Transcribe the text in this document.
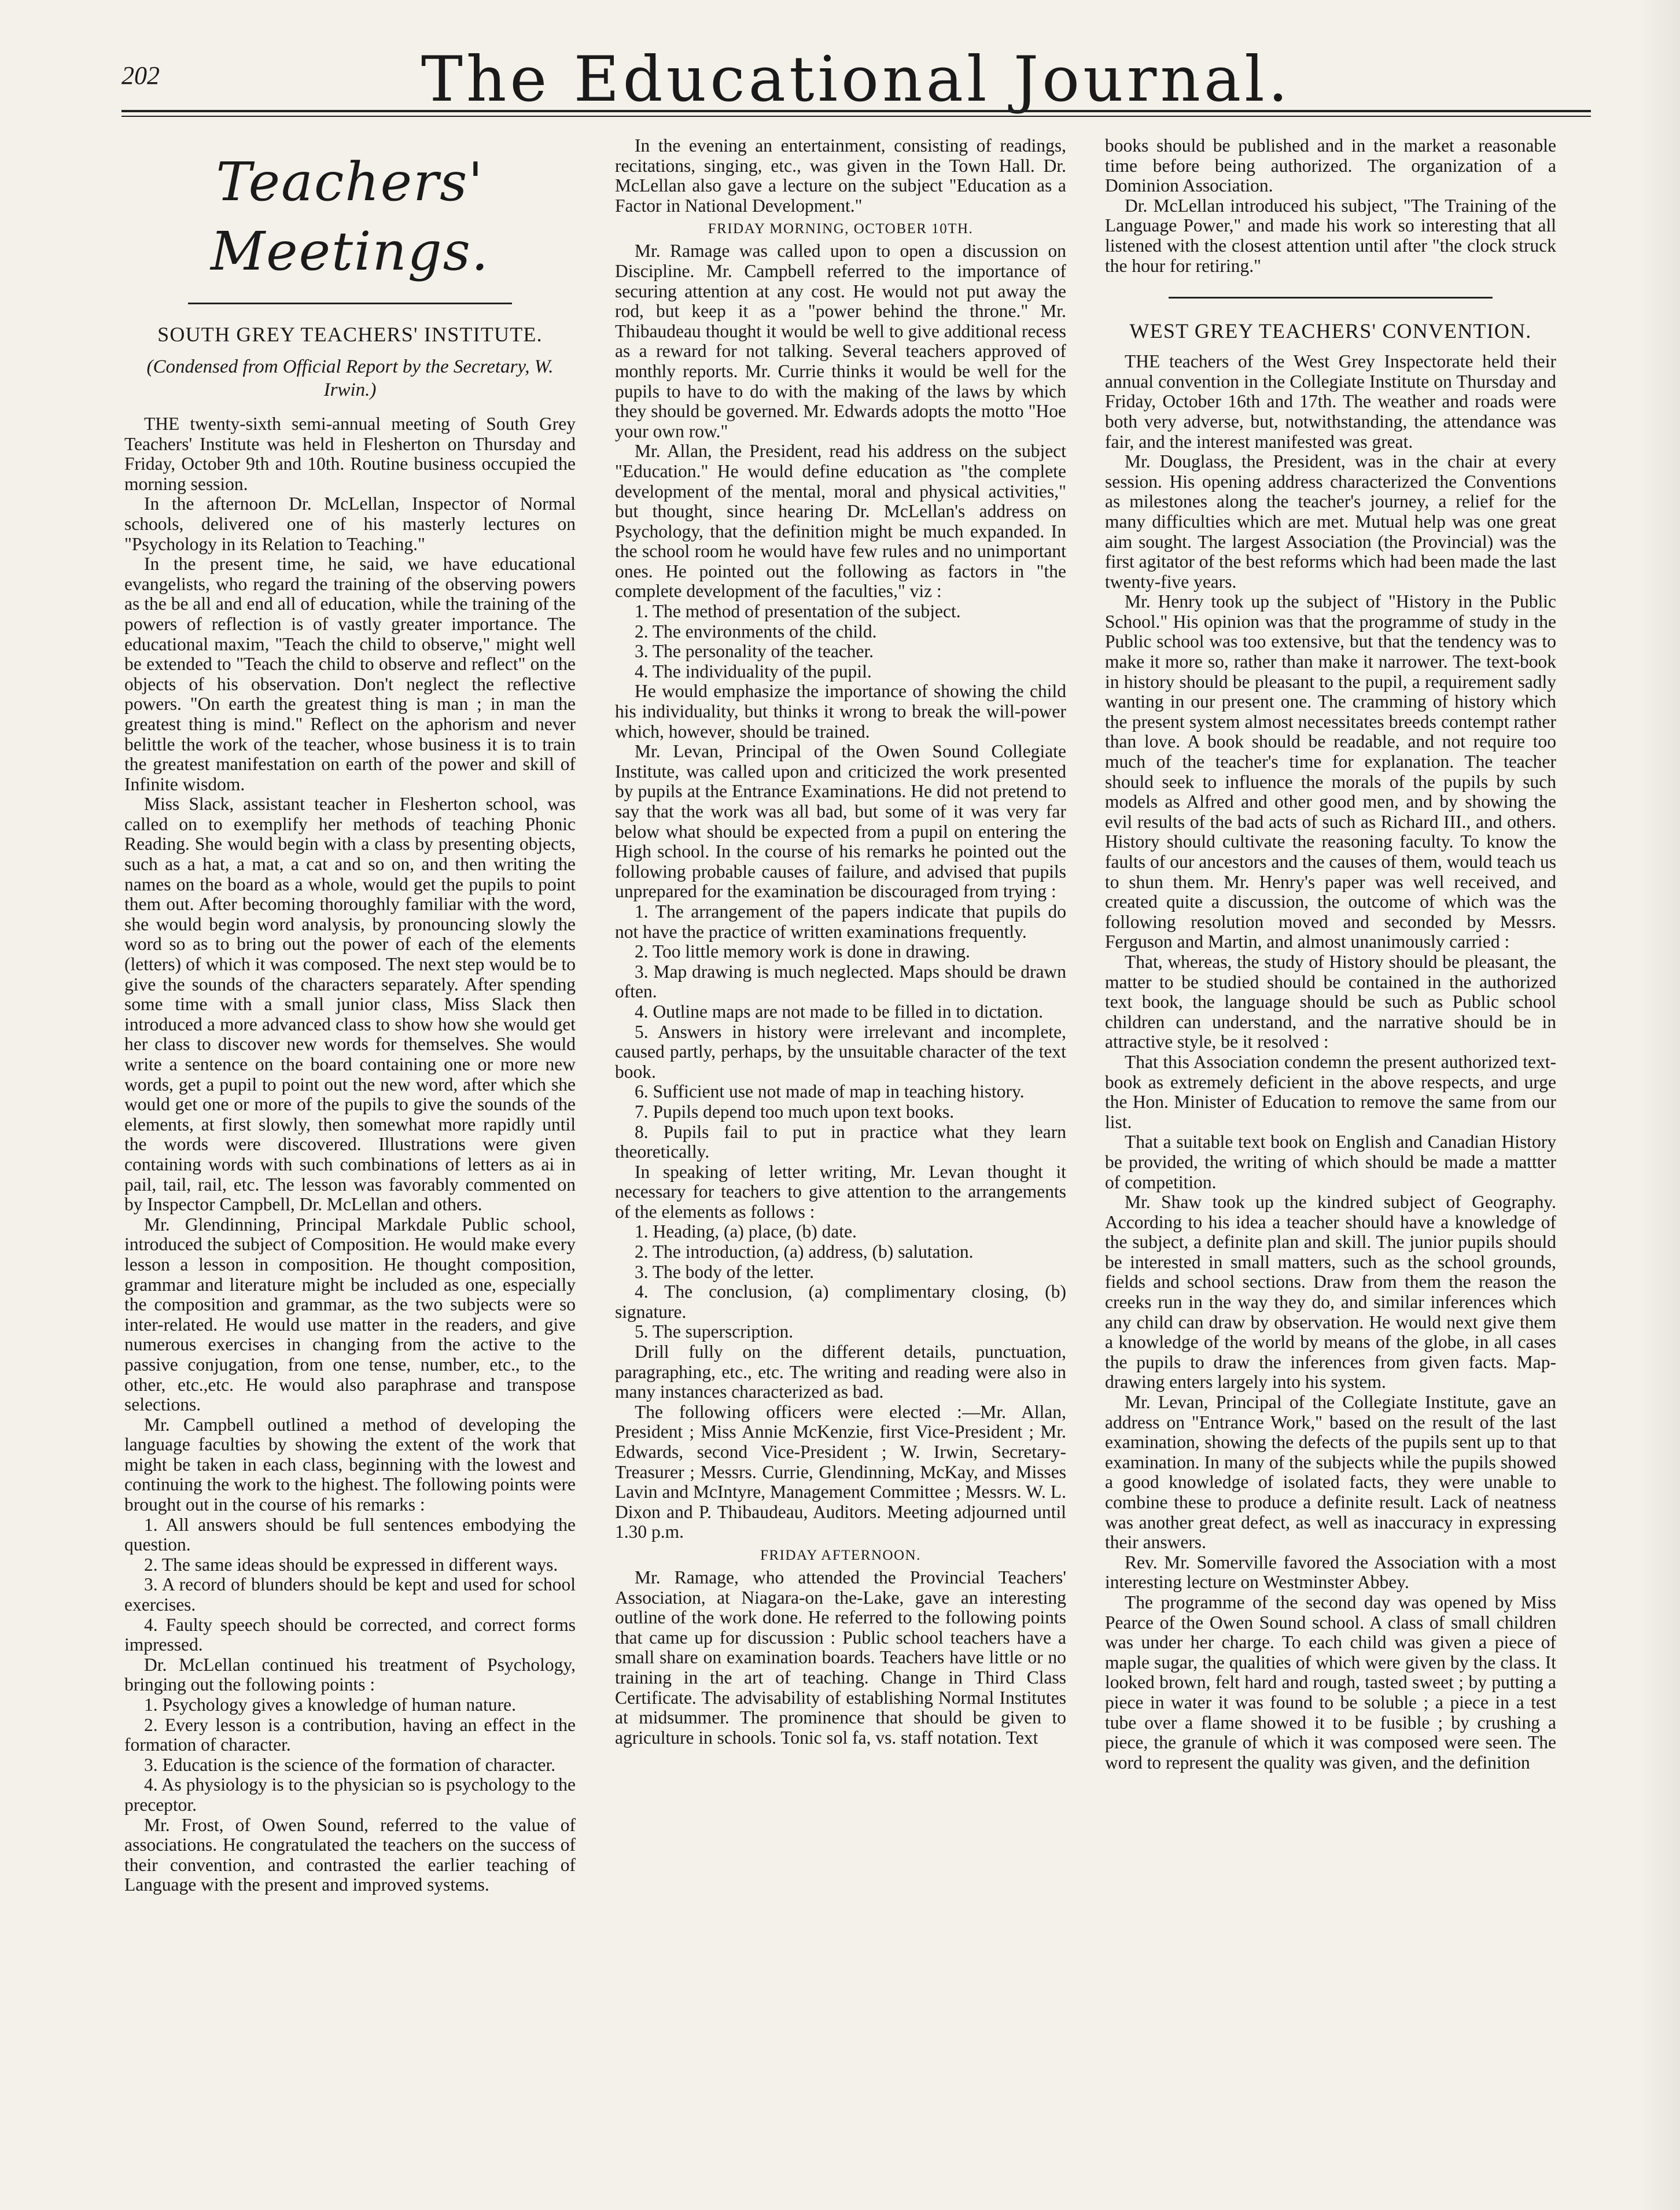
202	The Educational Journal.
Teachers' Meetings.
SOUTH GREY TEACHERS' INSTITUTE.
(Condensed from Official Report by the Secretary, W. Irwin.)

THE twenty-sixth semi-annual meeting of South Grey Teachers' Institute was held in Flesherton on Thursday and Friday, October 9th and 10th. Routine business occupied the morning session.

In the afternoon Dr. McLellan, Inspector of Normal schools, delivered one of his masterly lectures on "Psychology in its Relation to Teaching."

In the present time, he said, we have educational evangelists, who regard the training of the observing powers as the be all and end all of education, while the training of the powers of reflection is of vastly greater importance. The educational maxim, "Teach the child to observe," might well be extended to "Teach the child to observe and reflect" on the objects of his observation. Don't neglect the reflective powers. "On earth the greatest thing is man ; in man the greatest thing is mind." Reflect on the aphorism and never belittle the work of the teacher, whose business it is to train the greatest manifestation on earth of the power and skill of Infinite wisdom.

Miss Slack, assistant teacher in Flesherton school, was called on to exemplify her methods of teaching Phonic Reading. She would begin with a class by presenting objects, such as a hat, a mat, a cat and so on, and then writing the names on the board as a whole, would get the pupils to point them out. After becoming thoroughly familiar with the word, she would begin word analysis, by pronouncing slowly the word so as to bring out the power of each of the elements (letters) of which it was composed. The next step would be to give the sounds of the characters separately. After spending some time with a small junior class, Miss Slack then introduced a more advanced class to show how she would get her class to discover new words for themselves. She would write a sentence on the board containing one or more new words, get a pupil to point out the new word, after which she would get one or more of the pupils to give the sounds of the elements, at first slowly, then somewhat more rapidly until the words were discovered. Illustrations were given containing words with such combinations of letters as ai in pail, tail, rail, etc. The lesson was favorably commented on by Inspector Campbell, Dr. McLellan and others.

Mr. Glendinning, Principal Markdale Public school, introduced the subject of Composition. He would make every lesson a lesson in composition. He thought composition, grammar and literature might be included as one, especially the composition and grammar, as the two subjects were so inter-related. He would use matter in the readers, and give numerous exercises in changing from the active to the passive conjugation, from one tense, number, etc., to the other, etc.,etc. He would also paraphrase and transpose selections.

Mr. Campbell outlined a method of developing the language faculties by showing the extent of the work that might be taken in each class, beginning with the lowest and continuing the work to the highest. The following points were brought out in the course of his remarks :

1. All answers should be full sentences embodying the question.

2. The same ideas should be expressed in different ways.

3. A record of blunders should be kept and used for school exercises.

4. Faulty speech should be corrected, and correct forms impressed.

Dr. McLellan continued his treatment of Psychology, bringing out the following points :

1. Psychology gives a knowledge of human nature.

2. Every lesson is a contribution, having an effect in the formation of character.

3. Education is the science of the formation of character.

4. As physiology is to the physician so is psychology to the preceptor.

Mr. Frost, of Owen Sound, referred to the value of associations. He congratulated the teachers on the success of their convention, and contrasted the earlier teaching of Language with the present and improved systems.

In the evening an entertainment, consisting of readings, recitations, singing, etc., was given in the Town Hall. Dr. McLellan also gave a lecture on the subject "Education as a Factor in National Development."

FRIDAY MORNING, OCTOBER 10TH.

Mr. Ramage was called upon to open a discussion on Discipline. Mr. Campbell referred to the importance of securing attention at any cost. He would not put away the rod, but keep it as a "power behind the throne." Mr. Thibaudeau thought it would be well to give additional recess as a reward for not talking. Several teachers approved of monthly reports. Mr. Currie thinks it would be well for the pupils to have to do with the making of the laws by which they should be governed. Mr. Edwards adopts the motto "Hoe your own row."

Mr. Allan, the President, read his address on the subject "Education." He would define education as "the complete development of the mental, moral and physical activities," but thought, since hearing Dr. McLellan's address on Psychology, that the definition might be much expanded. In the school room he would have few rules and no unimportant ones. He pointed out the following as factors in "the complete development of the faculties," viz :

1. The method of presentation of the subject.

2. The environments of the child.

3. The personality of the teacher.

4. The individuality of the pupil.

He would emphasize the importance of showing the child his individuality, but thinks it wrong to break the will-power which, however, should be trained.

Mr. Levan, Principal of the Owen Sound Collegiate Institute, was called upon and criticized the work presented by pupils at the Entrance Examinations. He did not pretend to say that the work was all bad, but some of it was very far below what should be expected from a pupil on entering the High school. In the course of his remarks he pointed out the following probable causes of failure, and advised that pupils unprepared for the examination be discouraged from trying :

1. The arrangement of the papers indicate that pupils do not have the practice of written examinations frequently.

2. Too little memory work is done in drawing.

3. Map drawing is much neglected. Maps should be drawn often.

4. Outline maps are not made to be filled in to dictation.

5. Answers in history were irrelevant and incomplete, caused partly, perhaps, by the unsuitable character of the text book.

6. Sufficient use not made of map in teaching history.

7. Pupils depend too much upon text books.

8. Pupils fail to put in practice what they learn theoretically.

In speaking of letter writing, Mr. Levan thought it necessary for teachers to give attention to the arrangements of the elements as follows :

1. Heading, (a) place, (b) date.

2. The introduction, (a) address, (b) salutation.

3. The body of the letter.

4. The conclusion, (a) complimentary closing, (b) signature.

5. The superscription.

Drill fully on the different details, punctuation, paragraphing, etc., etc. The writing and reading were also in many instances characterized as bad.

The following officers were elected :—Mr. Allan, President ; Miss Annie McKenzie, first Vice-President ; Mr. Edwards, second Vice-President ; W. Irwin, Secretary-Treasurer ; Messrs. Currie, Glendinning, McKay, and Misses Lavin and McIntyre, Management Committee ; Messrs. W. L. Dixon and P. Thibaudeau, Auditors. Meeting adjourned until 1.30 p.m.

FRIDAY AFTERNOON.

Mr. Ramage, who attended the Provincial Teachers' Association, at Niagara-on the-Lake, gave an interesting outline of the work done. He referred to the following points that came up for discussion : Public school teachers have a small share on examination boards. Teachers have little or no training in the art of teaching. Change in Third Class Certificate. The advisability of establishing Normal Institutes at midsummer. The prominence that should be given to agriculture in schools. Tonic sol fa, vs. staff notation. Text

books should be published and in the market a reasonable time before being authorized. The organization of a Dominion Association.

Dr. McLellan introduced his subject, "The Training of the Language Power," and made his work so interesting that all listened with the closest attention until after "the clock struck the hour for retiring."

WEST GREY TEACHERS' CONVENTION.

THE teachers of the West Grey Inspectorate held their annual convention in the Collegiate Institute on Thursday and Friday, October 16th and 17th. The weather and roads were both very adverse, but, notwithstanding, the attendance was fair, and the interest manifested was great.

Mr. Douglass, the President, was in the chair at every session. His opening address characterized the Conventions as milestones along the teacher's journey, a relief for the many difficulties which are met. Mutual help was one great aim sought. The largest Association (the Provincial) was the first agitator of the best reforms which had been made the last twenty-five years.

Mr. Henry took up the subject of "History in the Public School." His opinion was that the programme of study in the Public school was too extensive, but that the tendency was to make it more so, rather than make it narrower. The text-book in history should be pleasant to the pupil, a requirement sadly wanting in our present one. The cramming of history which the present system almost necessitates breeds contempt rather than love. A book should be readable, and not require too much of the teacher's time for explanation. The teacher should seek to influence the morals of the pupils by such models as Alfred and other good men, and by showing the evil results of the bad acts of such as Richard III., and others. History should cultivate the reasoning faculty. To know the faults of our ancestors and the causes of them, would teach us to shun them. Mr. Henry's paper was well received, and created quite a discussion, the outcome of which was the following resolution moved and seconded by Messrs. Ferguson and Martin, and almost unanimously carried :

That, whereas, the study of History should be pleasant, the matter to be studied should be contained in the authorized text book, the language should be such as Public school children can understand, and the narrative should be in attractive style, be it resolved :

That this Association condemn the present authorized text-book as extremely deficient in the above respects, and urge the Hon. Minister of Education to remove the same from our list.

That a suitable text book on English and Canadian History be provided, the writing of which should be made a mattter of competition.

Mr. Shaw took up the kindred subject of Geography. According to his idea a teacher should have a knowledge of the subject, a definite plan and skill. The junior pupils should be interested in small matters, such as the school grounds, fields and school sections. Draw from them the reason the creeks run in the way they do, and similar inferences which any child can draw by observation. He would next give them a knowledge of the world by means of the globe, in all cases the pupils to draw the inferences from given facts. Map-drawing enters largely into his system.

Mr. Levan, Principal of the Collegiate Institute, gave an address on "Entrance Work," based on the result of the last examination, showing the defects of the pupils sent up to that examination. In many of the subjects while the pupils showed a good knowledge of isolated facts, they were unable to combine these to produce a definite result. Lack of neatness was another great defect, as well as inaccuracy in expressing their answers.

Rev. Mr. Somerville favored the Association with a most interesting lecture on Westminster Abbey.

The programme of the second day was opened by Miss Pearce of the Owen Sound school. A class of small children was under her charge. To each child was given a piece of maple sugar, the qualities of which were given by the class. It looked brown, felt hard and rough, tasted sweet ; by putting a piece in water it was found to be soluble ; a piece in a test tube over a flame showed it to be fusible ; by crushing a piece, the granule of which it was composed were seen. The word to represent the quality was given, and the definition
